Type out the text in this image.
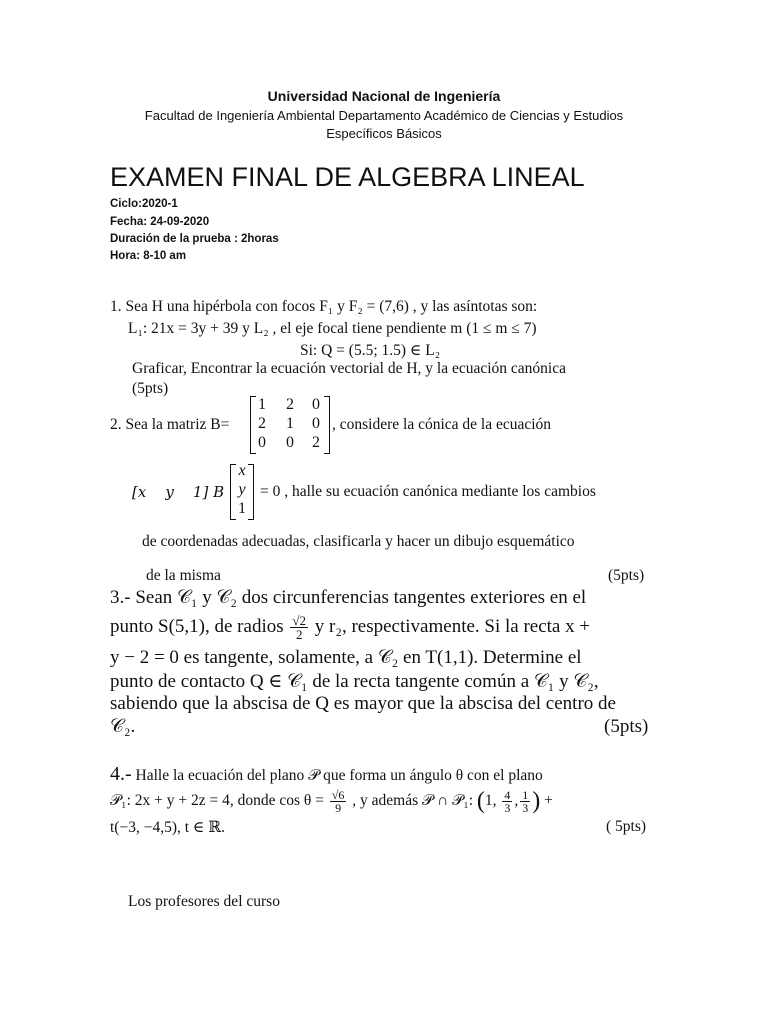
Universidad Nacional de Ingeniería
Facultad de Ingeniería Ambiental Departamento Académico de Ciencias y Estudios
Específicos Básicos
EXAMEN FINAL DE ALGEBRA LINEAL
Ciclo:2020-1
Fecha: 24-09-2020
Duración de la prueba : 2horas
Hora: 8-10 am
1. Sea H una hipérbola con focos F₁ y F₂ = (7,6) , y las asíntotas son:
L₁: 21x = 3y + 39 y L₂ , el eje focal tiene pendiente m (1 ≤ m ≤ 7)
Si: Q = (5.5; 1.5) ∈ L₂
Graficar, Encontrar la ecuación vectorial de H, y la ecuación canónica
(5pts)
2. Sea la matriz B=
1	2	0
2	1	0
0	0	2
, considere la cónica de la ecuación
[x    y    1] B
x
y
1
= 0 , halle su ecuación canónica mediante los cambios
de coordenadas adecuadas, clasificarla y hacer un dibujo esquemático
de la misma	(5pts)
3.- Sean 𝒞₁ y 𝒞₂ dos circunferencias tangentes exteriores en el
punto S(5,1), de radios $\frac{√2}{2}$ y r₂, respectivamente. Si la recta x +
y − 2 = 0 es tangente, solamente, a 𝒞₂ en T(1,1). Determine el
punto de contacto Q ∈ 𝒞₁ de la recta tangente común a 𝒞₁ y 𝒞₂,
sabiendo que la abscisa de Q es mayor que la abscisa del centro de
𝒞₂.	(5pts)
4.- Halle la ecuación del plano 𝒫 que forma un ángulo θ con el plano
𝒫₁: 2x + y + 2z = 4, donde $\cos \theta = \frac{√6}{9}$ , y además 𝒫 ∩ 𝒫₁: (1, $\frac{4}{3}$ , $\frac{1}{3}$ ) +
t(−3, −4,5), t ∈ ℝ.	( 5pts)
Los profesores del curso
